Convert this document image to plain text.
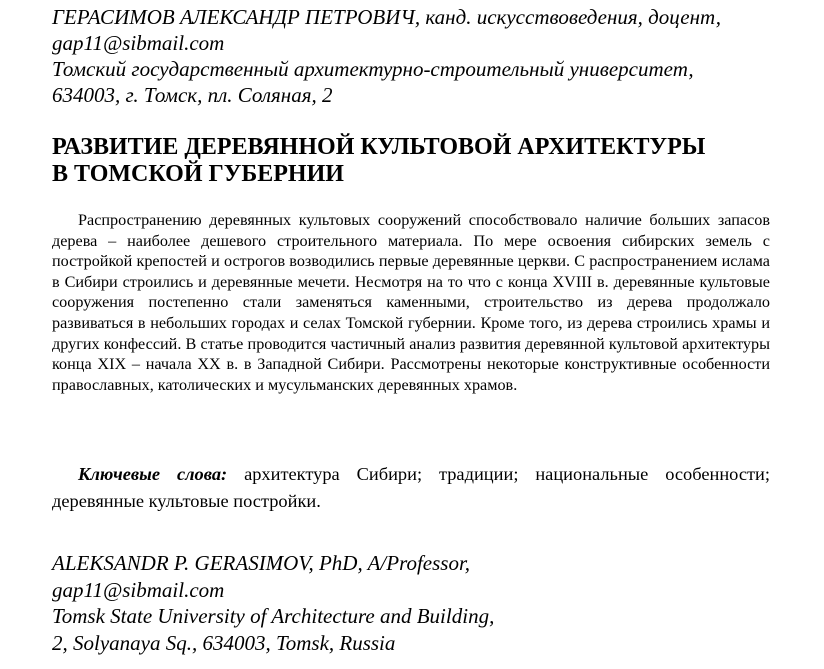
ГЕРАСИМОВ АЛЕКСАНДР ПЕТРОВИЧ, канд. искусствоведения, доцент,
gap11@sibmail.com
Томский государственный архитектурно-строительный университет,
634003, г. Томск, пл. Соляная, 2
РАЗВИТИЕ ДЕРЕВЯННОЙ КУЛЬТОВОЙ АРХИТЕКТУРЫ
В ТОМСКОЙ ГУБЕРНИИ
Распространению деревянных культовых сооружений способствовало наличие больших запасов дерева – наиболее дешевого строительного материала. По мере освоения сибирских земель с постройкой крепостей и острогов возводились первые деревянные церкви. С распространением ислама в Сибири строились и деревянные мечети. Несмотря на то что с конца XVIII в. деревянные культовые сооружения постепенно стали заменяться каменными, строительство из дерева продолжало развиваться в небольших городах и селах Томской губернии. Кроме того, из дерева строились храмы и других конфессий. В статье проводится частичный анализ развития деревянной культовой архитектуры конца XIX – начала XX в. в Западной Сибири. Рассмотрены некоторые конструктивные особенности православных, католических и мусульманских деревянных храмов.
Ключевые слова: архитектура Сибири; традиции; национальные особенности; деревянные культовые постройки.
ALEKSANDR P. GERASIMOV, PhD, A/Professor,
gap11@sibmail.com
Tomsk State University of Architecture and Building,
2, Solyanaya Sq., 634003, Tomsk, Russia
